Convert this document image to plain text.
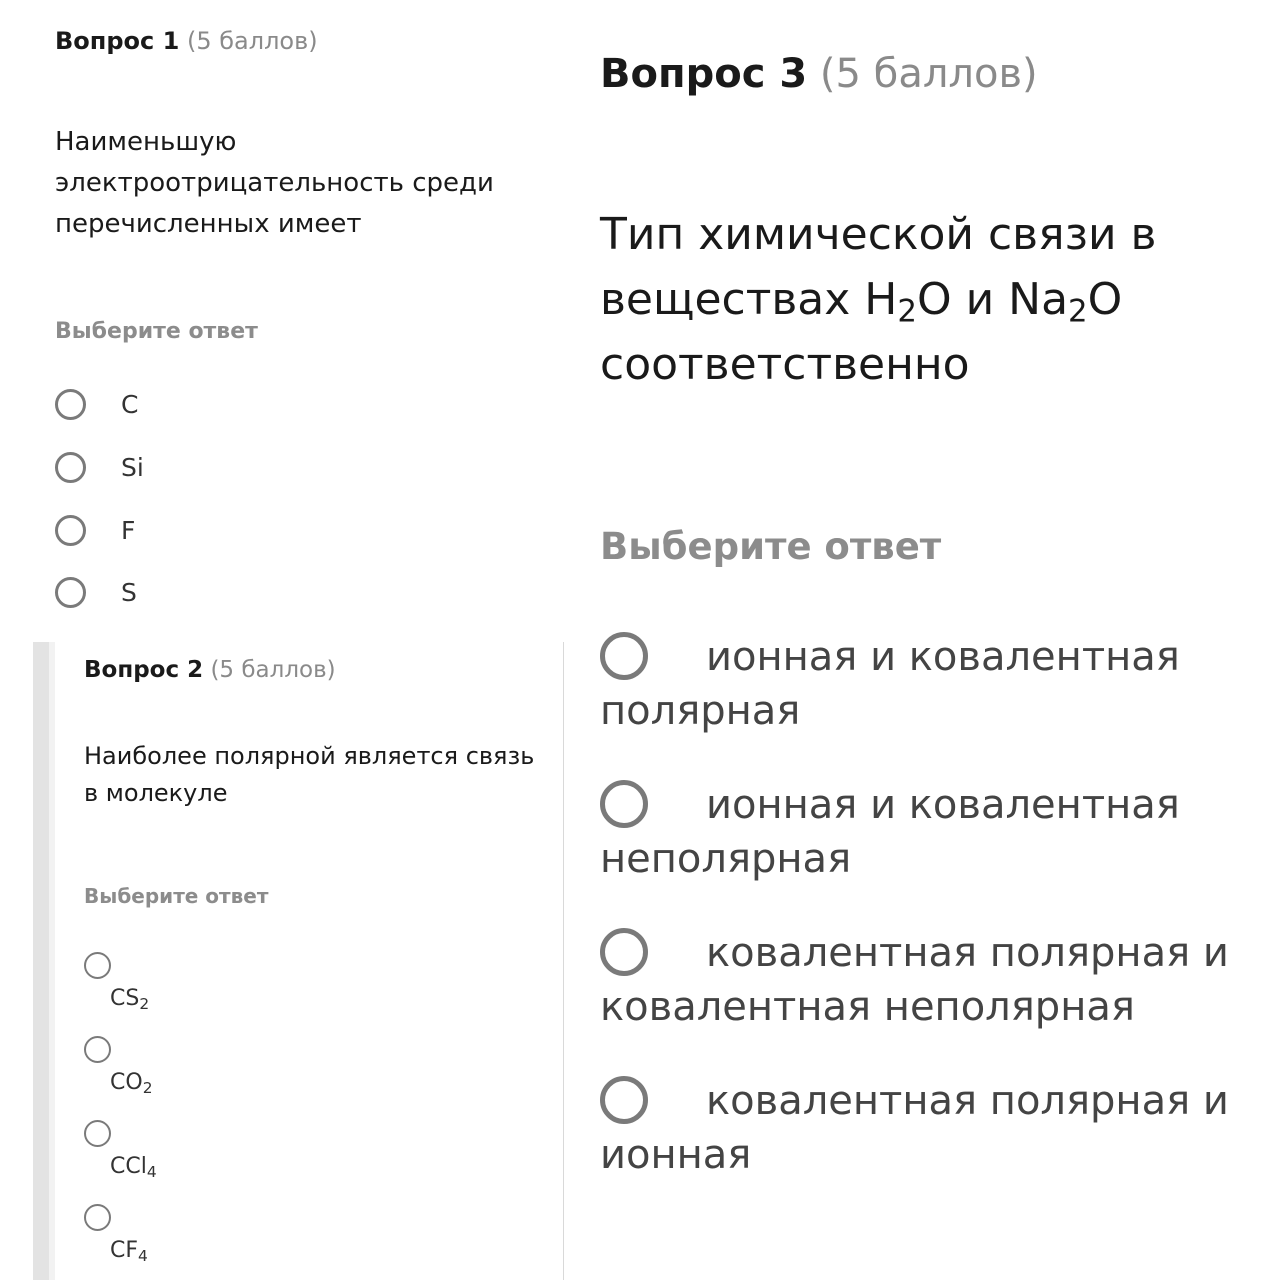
Вопрос 1 (5 баллов)
Наименьшую электроотрицательность среди перечисленных имеет
Выберите ответ
C
Si
F
S
Вопрос 2 (5 баллов)
Наиболее полярной является связь в молекуле
Выберите ответ
$CS_2$
$CO_2$
CCl$_4$
$CF_4$
Вопрос 3 (5 баллов)
Тип химической связи в веществах $H_2O$ и $Na_2O$ соответственно
Выберите ответ
ионная и ковалентная полярная
ионная и ковалентная неполярная
ковалентная полярная и ковалентная неполярная
ковалентная полярная и ионная
